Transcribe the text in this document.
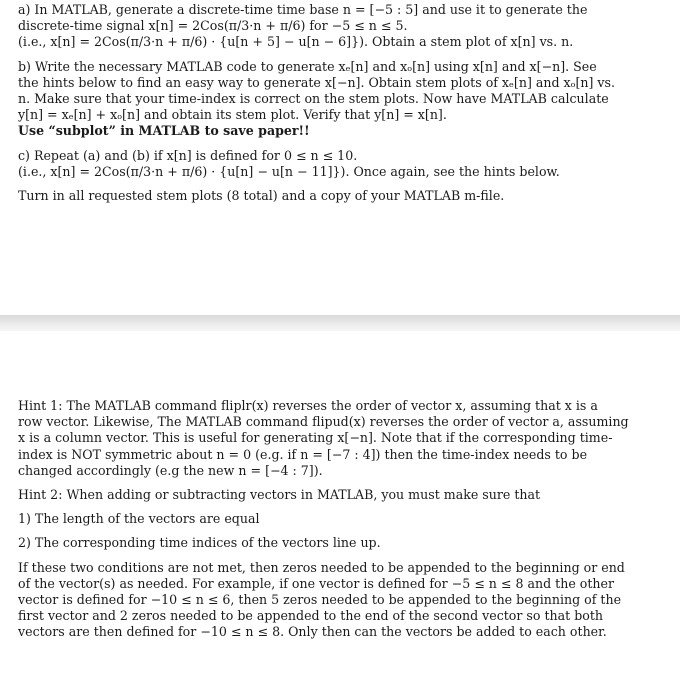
a) In MATLAB, generate a discrete-time time base n = [−5 : 5] and use it to generate the
discrete-time signal x[n] = 2Cos(π/3·n + π/6) for −5 ≤ n ≤ 5.
(i.e., x[n] = 2Cos(π/3·n + π/6) · {u[n + 5] − u[n − 6]}). Obtain a stem plot of x[n] vs. n.

b) Write the necessary MATLAB code to generate xₑ[n] and xₒ[n] using x[n] and x[−n]. See
the hints below to find an easy way to generate x[−n]. Obtain stem plots of xₑ[n] and xₒ[n] vs.
n. Make sure that your time-index is correct on the stem plots. Now have MATLAB calculate
y[n] = xₑ[n] + xₒ[n] and obtain its stem plot. Verify that y[n] = x[n].
Use “subplot” in MATLAB to save paper!!

c) Repeat (a) and (b) if x[n] is defined for 0 ≤ n ≤ 10.
(i.e., x[n] = 2Cos(π/3·n + π/6) · {u[n] − u[n − 11]}). Once again, see the hints below.

Turn in all requested stem plots (8 total) and a copy of your MATLAB m-file.

Hint 1: The MATLAB command fliplr(x) reverses the order of vector x, assuming that x is a
row vector. Likewise, The MATLAB command flipud(x) reverses the order of vector a, assuming
x is a column vector. This is useful for generating x[−n]. Note that if the corresponding time-
index is NOT symmetric about n = 0 (e.g. if n = [−7 : 4]) then the time-index needs to be
changed accordingly (e.g the new n = [−4 : 7]).

Hint 2: When adding or subtracting vectors in MATLAB, you must make sure that

1) The length of the vectors are equal

2) The corresponding time indices of the vectors line up.

If these two conditions are not met, then zeros needed to be appended to the beginning or end
of the vector(s) as needed. For example, if one vector is defined for −5 ≤ n ≤ 8 and the other
vector is defined for −10 ≤ n ≤ 6, then 5 zeros needed to be appended to the beginning of the
first vector and 2 zeros needed to be appended to the end of the second vector so that both
vectors are then defined for −10 ≤ n ≤ 8. Only then can the vectors be added to each other.
